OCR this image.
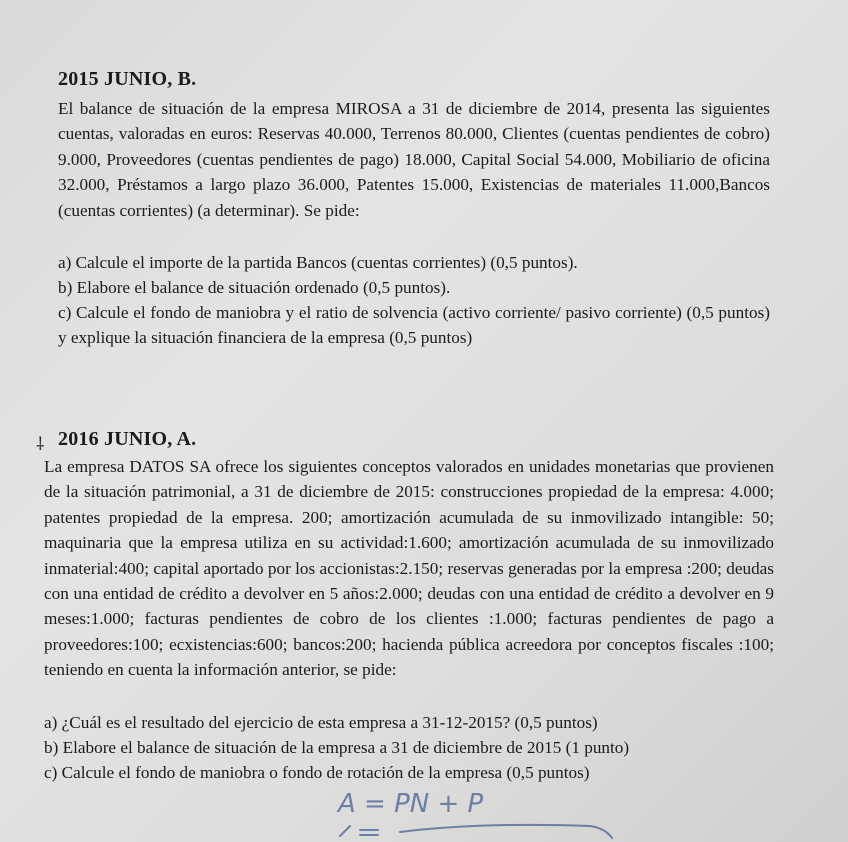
2015 JUNIO, B.
El balance de situación de la empresa MIROSA a 31 de diciembre de 2014, presenta las siguientes cuentas, valoradas en euros: Reservas 40.000, Terrenos 80.000, Clientes (cuentas pendientes de cobro) 9.000, Proveedores (cuentas pendientes de pago) 18.000, Capital Social 54.000, Mobiliario de oficina 32.000, Préstamos a largo plazo 36.000, Patentes 15.000, Existencias de materiales 11.000,Bancos (cuentas corrientes) (a determinar). Se pide:
a) Calcule el importe de la partida Bancos (cuentas corrientes) (0,5 puntos).
b) Elabore el balance de situación ordenado (0,5 puntos).
c) Calcule el fondo de maniobra y el ratio de solvencia (activo corriente/ pasivo corriente) (0,5 puntos) y explique la situación financiera de la empresa (0,5 puntos)
⸸ 2016 JUNIO, A.
La empresa DATOS SA ofrece los siguientes conceptos valorados en unidades monetarias que provienen de la situación patrimonial, a 31 de diciembre de 2015: construcciones propiedad de la empresa: 4.000; patentes propiedad de la empresa. 200; amortización acumulada de su inmovilizado intangible: 50; maquinaria que la empresa utiliza en su actividad:1.600; amortización acumulada de su inmovilizado inmaterial:400; capital aportado por los accionistas:2.150; reservas generadas por la empresa :200; deudas con una entidad de crédito a devolver en 5 años:2.000; deudas con una entidad de crédito a devolver en 9 meses:1.000; facturas pendientes de cobro de los clientes :1.000; facturas pendientes de pago a proveedores:100; ecxistencias:600; bancos:200; hacienda pública acreedora por conceptos fiscales :100; teniendo en cuenta la información anterior, se pide:
a) ¿Cuál es el resultado del ejercicio de esta empresa a 31-12-2015? (0,5 puntos)
b) Elabore el balance de situación de la empresa a 31 de diciembre de 2015 (1 punto)
c) Calcule el fondo de maniobra o fondo de rotación de la empresa (0,5 puntos)
A = PN + P
